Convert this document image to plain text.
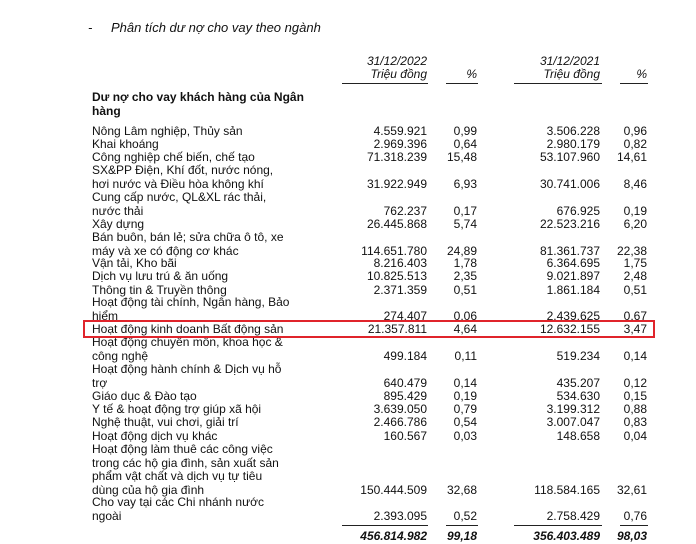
- Phân tích dư nợ cho vay theo ngành
31/12/2022
Triệu đồng	%
31/12/2021
Triệu đồng	%
Dư nợ cho vay khách hàng của Ngân hàng
Nông Lâm nghiệp, Thủy sản	4.559.921 0,99	3.506.228 0,96
Khai khoáng	2.969.396 0,64	2.980.179 0,82
Công nghiệp chế biến, chế tạo	71.318.239 15,48	53.107.960 14,61
SX&PP Điện, Khí đốt, nước nóng, hơi nước và Điều hòa không khí	31.922.949 6,93	30.741.006 8,46
Cung cấp nước, QL&XL rác thải, nước thải	762.237 0,17	676.925 0,19
Xây dựng	26.445.868 5,74	22.523.216 6,20
Bán buôn, bán lẻ; sửa chữa ô tô, xe máy và xe có động cơ khác	114.651.780 24,89	81.361.737 22,38
Vận tải, Kho bãi	8.216.403 1,78	6.364.695 1,75
Dịch vụ lưu trú & ăn uống	10.825.513 2,35	9.021.897 2,48
Thông tin & Truyền thông	2.371.359 0,51	1.861.184 0,51
Hoạt động tài chính, Ngân hàng, Bảo hiểm	274.407 0,06	2.439.625 0,67
Hoạt động kinh doanh Bất động sản	21.357.811 4,64	12.632.155 3,47
Hoạt động chuyên môn, khoa học & công nghệ	499.184 0,11	519.234 0,14
Hoạt động hành chính & Dịch vụ hỗ trợ	640.479 0,14	435.207 0,12
Giáo dục & Đào tạo	895.429 0,19	534.630 0,15
Y tế & hoạt động trợ giúp xã hội	3.639.050 0,79	3.199.312 0,88
Nghệ thuật, vui chơi, giải trí	2.466.786 0,54	3.007.047 0,83
Hoạt động dịch vụ khác	160.567 0,03	148.658 0,04
Hoạt động làm thuê các công việc trong các hộ gia đình, sản xuất sản phẩm vật chất và dịch vụ tự tiêu dùng của hộ gia đình	150.444.509 32,68	118.584.165 32,61
Cho vay tại các Chi nhánh nước ngoài	2.393.095 0,52	2.758.429 0,76
456.814.982 99,18	356.403.489 98,03
